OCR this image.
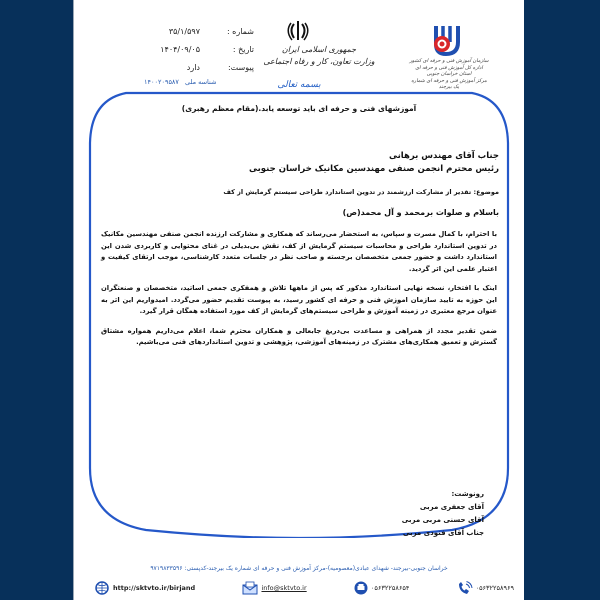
شماره :
۳۵/۱/۵۹۷
تاریخ :
۱۴۰۴/۰۹/۰۵
پیوست:
دارد
شناسه ملی ۱۴۰۰۲۰۹۵۸۷
جمهوری اسلامی ایران
وزارت تعاون، کار و رفاه اجتماعی	سازمان آموزش فنی و حرفه ای کشور
اداره کل آموزش فنی و حرفه ای استان خراسان جنوبی
مرکز آموزش فنی و حرفه ای شماره یک بیرجند
بسمه تعالی
آموزشهای فنی و حرفه ای باید توسعه یابد.(مقام معظم رهبری)

جناب آقای مهندس برهانی

رئیس محترم انجمن صنفی مهندسین مکانیک خراسان جنوبی

موضوع: تقدیر از مشارکت ارزشمند در تدوین استاندارد طراحی سیستم گرمایش از کف
باسلام و صلوات برمحمد و آل محمد(ص)
با احترام، با کمال مسرت و سپاس، به استحضار می‌رساند که همکاری و مشارکت ارزنده انجمن صنفی مهندسین مکانیک در تدوین استاندارد طراحی و محاسبات سیستم گرمایش از کف، نقش بی‌بدیلی در غنای محتوایی و کاربردی شدن این استاندارد داشت و حضور جمعی متخصصان برجسته و صاحب نظر در جلسات متعدد کارشناسی، موجب ارتقای کیفیت و اعتبار علمی این اثر گردید.
اینک با افتخار، نسخه نهایی استاندارد مذکور که پس از ماهها تلاش و همفکری جمعی اساتید، متخصصان و صنعتگران این حوزه به تایید سازمان اموزش فنی و حرفه ای کشور رسید، به پیوست تقدیم حضور می‌گردد. امیدواریم این اثر به عنوان مرجع معتبری در زمینه آموزش و طراحی سیستم‌های گرمایش از کف مورد استفاده همگان قرار گیرد.
ضمن تقدیر مجدد از همراهی و مساعدت بی‌دریغ جابعالی و همکاران محترم شما، اعلام می‌داریم همواره مشتاق گسترش و تعمیق همکاری‌های مشترک در زمینه‌های آموزشی، پژوهشی و تدوین استانداردهای فنی می‌باشیم.
رونوشت:
آقای جعفری مربی
آقای حسنی مربی مربی
جناب آقای فنودی مربی
خراسان جنوبی-بیرجند- شهدای عبادی(معصومیه)-مرکز آموزش فنی و حرفه ای شماره یک بیرجند-کدپستی: ۹۷۱۹۸۳۳۵۹۶
http://sktvto.ir/birjand	info@sktvto.ir	۰۵۶۳۲۲۵۸۶۵۴	۰۵۶۳۲۲۵۸۹۶۹
